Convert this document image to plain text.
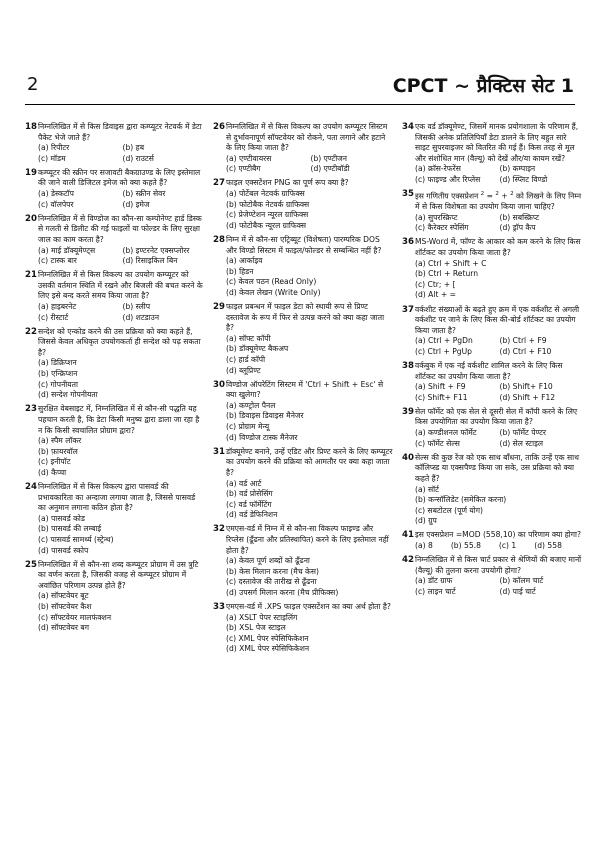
2	CPCT ~ प्रैक्टिस सेट 1
18 निम्नलिखित में से किस डिवाइस द्वारा कम्प्यूटर नेटवर्क में डेटा पैकेट भेजे जाते हैं?
(a) रिपीटर	(b) हब
(c) मॉडम	(d) राउटर्स
19 कम्प्यूटर की स्क्रीन पर सजावटी बैकग्राउण्ड के लिए इस्तेमाल की जाने वाली डिजिटल इमेज को क्या कहते हैं?
(a) डेस्कटॉप	(b) स्क्रीन सेवर
(c) वॉलपेपर	(d) इमेज
20 निम्नलिखित में से विण्डोज का कौन-सा कम्पोनेण्ट हार्ड डिस्क से गलती से डिलीट की गई फाइलों या फोल्डर के लिए सुरक्षा जाल का काम करता है?
(a) माई डॉक्यूमेण्ट्स	(b) इण्टरनेट एक्सप्लोरर
(c) टास्क बार	(d) रिसाइकिल बिन
21 निम्नलिखित में से किस विकल्प का उपयोग कम्प्यूटर को उसकी वर्तमान स्थिति में रखने और बिजली की बचत करने के लिए इसे बन्द करते समय किया जाता है?
(a) हाइबरनेट	(b) स्लीप
(c) रीस्टार्ट	(d) शटडाउन
22 सन्देश को एन्कोड करने की उस प्रक्रिया को क्या कहते हैं, जिससे केवल अधिकृत उपयोगकर्ता ही सन्देश को पढ़ सकता है?
(a) डिक्रिप्शन
(b) एन्क्रिप्शन
(c) गोपनीयता
(d) सन्देश गोपनीयता
23 सुरक्षित वेबसाइट में, निम्नलिखित में से कौन-सी पद्धति यह पहचान करती है, कि डेटा किसी मनुष्य द्वारा डाला जा रहा है न कि किसी स्वचालित प्रोग्राम द्वारा?
(a) स्पैम लॉकर
(b) फ़ायरवॉल
(c) इनीपॉट
(d) कैप्चा
24 निम्नलिखित में से किस विकल्प द्वारा पासवर्ड की प्रभावकारिता का अन्दाजा लगाया जाता है, जिससे पासवर्ड का अनुमान लगाना कठिन होता है?
(a) पासवर्ड कोड
(b) पासवर्ड की लम्बाई
(c) पासवर्ड सामर्थ्य (स्ट्रेन्थ)
(d) पासवर्ड स्कोप
25 निम्नलिखित में से कौन-सा शब्द कम्प्यूटर प्रोग्राम में उस त्रुटि का वर्णन करता है, जिसकी वजह से कम्प्यूटर प्रोग्राम में अवांछित परिणाम उत्पन्न होते हैं?
(a) सॉफ्टवेयर बूट
(b) सॉफ्टवेयर कैश
(c) सॉफ्टवेयर मालफंक्शन
(d) सॉफ्टवेयर बग
26 निम्नलिखित में से किस विकल्प का उपयोग कम्प्यूटर सिस्टम से दुर्भावनापूर्ण सॉफ्टवेयर को रोकने, पता लगाने और हटाने के लिए किया जाता है?
(a) एण्टीवायरस	(b) एण्टीजन
(c) एण्टीबैग	(d) एण्टीबॉडी
27 फाइल एक्सटेंशन PNG का पूर्ण रूप क्या है?
(a) पोर्टेबल नेटवर्क ग्राफिक्स
(b) फोटोबैक नेटवर्क ग्राफिक्स
(c) प्रेजेण्टेशन न्यूरल ग्राफिक्स
(d) फोटोबैक न्यूरल ग्राफिक्स
28 निम्न में से कौन-सा एट्रिब्यूट (विशेषता) पारम्परिक DOS और विण्डो सिस्टम में फाइल/फोल्डर से सम्बन्धित नहीं है?
(a) आर्काइव
(b) हिडन
(c) केवल पठन (Read Only)
(d) केवल लेखन (Write Only)
29 फाइल प्रबन्धन में फाइल डेटा को स्थायी रूप से प्रिण्ट दस्तावेज के रूप में फिर से उत्पन्न करने को क्या कहा जाता है?
(a) सॉफ्ट कॉपी
(b) डॉक्यूमेण्ट बैकअप
(c) हार्ड कॉपी
(d) ब्लूप्रिण्ट
30 विण्डोज ऑपरेटिंग सिस्टम में 'Ctrl + Shift + Esc' से क्या खुलेगा?
(a) कण्ट्रोल पैनल
(b) डिवाइस डिवाइस मैनेजर
(c) प्रोग्राम मेन्यू
(d) विण्डोज टास्क मैनेजर
31 डॉक्यूमेण्ट बनाने, उन्हें एडिट और प्रिण्ट करने के लिए कम्प्यूटर का उपयोग करने की प्रक्रिया को आमतौर पर क्या कहा जाता है?
(a) वर्ड आर्ट
(b) वर्ड प्रोसेसिंग
(c) वर्ड फॉर्मेटिंग
(d) वर्ड डेफिनिशन
32 एमएस-वर्ड में निम्न में से कौन-सा विकल्प फाइण्ड और रिप्लेस (ढूँढना और प्रतिस्थापित) करने के लिए इस्तेमाल नहीं होता है?
(a) केवल पूर्ण शब्दों को ढूँढना
(b) केस मिलान करना (मैच केस)
(c) दस्तावेज की तारीख से ढूँढना
(d) उपसर्ग मिलान करना (मैच प्रीफिक्स)
33 एमएस-वर्ड में .XPS फाइल एक्सटेंशन का क्या अर्थ होता है?
(a) XSLT पेपर स्टाइलिंग
(b) XSL पेज स्टाइल
(c) XML पेपर स्पेसिफिकेशन
(d) XML पेपर स्पेसिफिकेशन
34 एक वर्ड डॉक्यूमेण्ट, जिसमें मानक प्रयोगशाला के परिणाम हैं, जिसकी अनेक प्रतिलिपियाँ डेटा डालने के लिए बहुत सारे साइट सुपरवाइजर को वितरित की गई हैं। किस तरह से मूल और संशोधित मान (वैल्यू) को देखें और/या कायम रखें?
(a) क्रॉस-रेफरेंस	(b) कम्पाइन
(c) फाइण्ड और रिप्लेस	(d) स्प्लिट विण्डो
35 इस गणितीय एक्सप्रेशन $^2$ = $^2$ + $^2$ को लिखने के लिए निम्न में से किस विशेषता का उपयोग किया जाना चाहिए?
(a) सुपरस्क्रिप्ट	(b) सबस्क्रिप्ट
(c) कैरेक्टर स्पेसिंग	(d) ड्रॉप कैप
36 MS-Word में, फॉण्ट के आकार को कम करने के लिए किस शॉर्टकट का उपयोग किया जाता है?
(a) Ctrl + Shift + C
(b) Ctrl + Return
(c) Ctr; + [
(d) Alt + =
37 वर्कशीट संख्याओं के बढ़ते हुए क्रम में एक वर्कशीट से अगली वर्कशीट पर जाने के लिए किस की-बोर्ड शॉर्टकट का उपयोग किया जाता है?
(a) Ctrl + PgDn	(b) Ctrl + F9
(c) Ctrl + PgUp	(d) Ctrl + F10
38 वर्कबुक में एक नई वर्कशीट शामिल करने के लिए किस शॉर्टकट का उपयोग किया जाता है?
(a) Shift + F9	(b) Shift+ F10
(c) Shift+ F11	(d) Shift + F12
39 सेल फॉर्मेट को एक सेल से दूसरी सेल में कॉपी करने के लिए किस उपयोगिता का उपयोग किया जाता है?
(a) कण्डीशनल फॉर्मेट	(b) फॉर्मेट पेण्टर
(c) फॉर्मेट सेल्स	(d) सेल स्टाइल
40 सेल्स की कुछ रेंज को एक साथ बाँधना, ताकि उन्हें एक साथ कॉलिप्स्ड या एक्सपैण्ड किया जा सके, उस प्रक्रिया को क्या कहते हैं?
(a) सॉर्ट
(b) कन्सॉलिडेट (समेकित करना)
(c) सबटोटल (पूर्ण योग)
(d) ग्रुप
41 इस एक्सप्रेशन =MOD (558,10) का परिणाम क्या होगा?
(a) 8 (b) 55.8 (c) 1 (d) 558
42 निम्नलिखित में से किस चार्ट प्रकार से श्रेणियों की बजाए मानों (वैल्यू) की तुलना करना उपयोगी होगा?
(a) डॉट ग्राफ	(b) कॉलम चार्ट
(c) लाइन चार्ट	(d) पाई चार्ट
